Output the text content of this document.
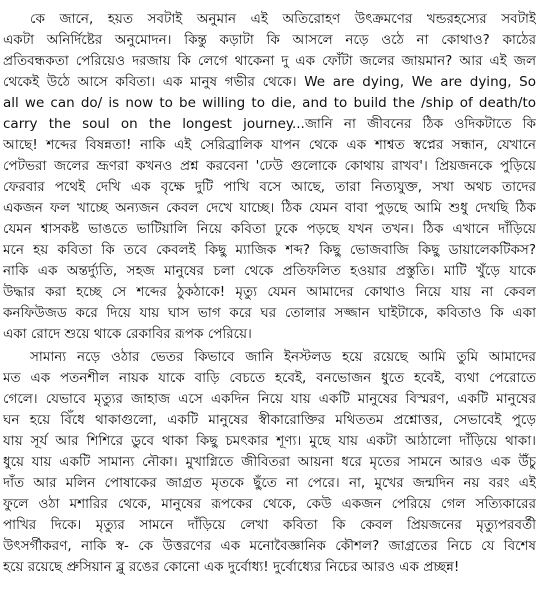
কে জানে, হয়ত সবটাই অনুমান এই অতিরোহণ উৎক্রমণের খন্ডরহস্যের সবটাই
একটা অনির্দিষ্টের অনুমোদন। কিন্তু কড়াটা কি আসলে নড়ে ওঠে না কোথাও? কাঠের
প্রতিবন্ধকতা পেরিয়েও দরজায় কি লেগে থাকেনা দু এক ফোঁটা জলের জায়মান? আর এই জল
থেকেই উঠে আসে কবিতা। এক মানুষ গভীর থেকে। We are dying, We are dying, So
all we can do/ is now to be willing to die, and to build the /ship of death/to
carry the soul on the longest journey...জানি না জীবনের ঠিক ওদিকটাতে কি
আছে! শব্দের বিষন্নতা! নাকি এই সেরিব্রালিক যাপন থেকে এক শাশ্বত স্বপ্নের সন্ধান, যেখানে
পেটভরা জলের ভ্রূণরা কখনও প্রশ্ন করবেনা 'ঢেউ গুলোকে কোথায় রাখব'। প্রিয়জনকে পুড়িয়ে
ফেরবার পথেই দেখি এক বৃক্ষে দুটি পাখি বসে আছে, তারা নিত্যযুক্ত, সখা অথচ তাদের
একজন ফল খাচ্ছে অন্যজন কেবল দেখে যাচ্ছে। ঠিক যেমন বাবা পুড়ছে আমি শুধু দেখছি ঠিক
যেমন শ্বাসকষ্ট ভাঙতে ভাটিয়ালি নিয়ে কবিতা ঢুকে পড়ছে যখন তখন। ঠিক এখানে দাঁড়িয়ে
মনে হয় কবিতা কি তবে কেবলই কিছু ম্যাজিক শব্দ? কিছু ভোজবাজি কিছু ডায়ালেকটিকস?
নাকি এক অন্তর্দ্যুতি, সহজ মানুষের চলা থেকে প্রতিফলিত হওয়ার প্রস্তুতি। মাটি খুঁড়ে যাকে
উদ্ধার করা হচ্ছে সে শব্দের ঠুকঠাকে! মৃত্যু যেমন আমাদের কোথাও নিয়ে যায় না কেবল
কনফিউজড করে দিয়ে যায় ঘাস ভাগ করে ঘর তোলার সজ্জান ঘাইটাকে, কবিতাও কি একা
একা রোদে শুয়ে থাকে রেকাবির রূপক পেরিয়ে।
সামান্য নড়ে ওঠার ভেতর কিভাবে জানি ইনস্টলড হয়ে রয়েছে আমি তুমি আমাদের
মত এক পতনশীল নায়ক যাকে বাড়ি বেচতে হবেই, বনভোজন ধুতে হবেই, ব্যথা পেরোতে
গেলে। যেভাবে মৃত্যুর জাহাজ এসে একদিন নিয়ে যায় একটি মানুষের বিস্মরণ, একটি মানুষের
ঘন হয়ে বিঁধে থাকাগুলো, একটি মানুষের স্বীকারোক্তির মথিততম প্রশ্নোত্তর, সেভাবেই পুড়ে
যায় সূর্য আর শিশিরে ডুবে থাকা কিছু চমৎকার শূণ্য। মুছে যায় একটা আঠালো দাঁড়িয়ে থাকা।
ধুয়ে যায় একটি সামান্য নৌকা। মুখাগ্নিতে জীবিতরা আয়না ধরে মৃতের সামনে আরও এক উঁচু
দাঁত আর মলিন পোষাকের জাগ্রত মৃতকে ছুঁতে না পেরে। না, মুখের জন্মদিন নয় বরং এই
ফুলে ওঠা মশারির থেকে, মানুষের রূপকের থেকে, কেউ একজন পেরিয়ে গেল সত্যিকারের
পাখির দিকে। মৃত্যুর সামনে দাঁড়িয়ে লেখা কবিতা কি কেবল প্রিয়জনের মৃত্যুপরবর্তী
উৎসর্গীকরণ, নাকি স্ব- কে উত্তরণের এক মনোবৈজ্ঞানিক কৌশল? জাগ্রতের নিচে যে বিশেষ
হয়ে রয়েছে প্রুসিয়ান ব্লু রঙের কোনো এক দুর্বোধ্য! দুর্বোধ্যের নিচের আরও এক প্রচ্ছন্ন!
